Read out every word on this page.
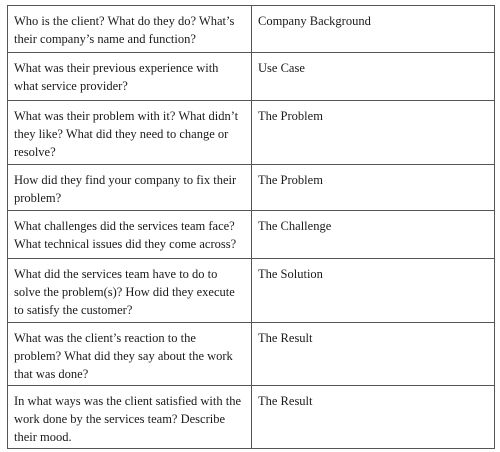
Who is the client? What do they do? What’s their company’s name and function?	Company Background
What was their previous experience with what service provider?	Use Case
What was their problem with it? What didn’t they like? What did they need to change or resolve?	The Problem
How did they find your company to fix their problem?	The Problem
What challenges did the services team face? What technical issues did they come across?	The Challenge
What did the services team have to do to solve the problem(s)? How did they execute to satisfy the customer?	The Solution
What was the client’s reaction to the problem? What did they say about the work that was done?	The Result
In what ways was the client satisfied with the work done by the services team? Describe their mood.	The Result
